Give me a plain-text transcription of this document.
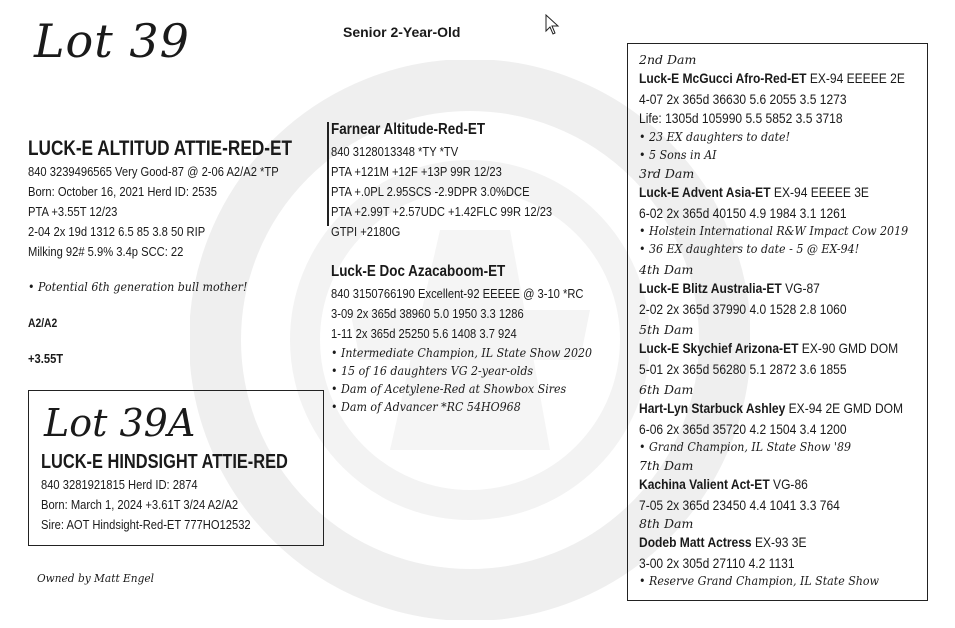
Lot 39	Senior 2-Year-Old
LUCK-E ALTITUD ATTIE-RED-ET
840 3239496565 Very Good-87 @ 2-06 A2/A2 *TP
Born: October 16, 2021 Herd ID: 2535
PTA +3.55T 12/23
2-04 2x 19d 1312 6.5 85 3.8 50 RIP
Milking 92# 5.9% 3.4p SCC: 22
• Potential 6th generation bull mother!
A2/A2
+3.55T
Lot 39A
LUCK-E HINDSIGHT ATTIE-RED
840 3281921815 Herd ID: 2874
Born: March 1, 2024 +3.61T 3/24 A2/A2
Sire: AOT Hindsight-Red-ET 777HO12532
Owned by Matt Engel
Farnear Altitude-Red-ET
840 3128013348 *TY *TV
PTA +121M +12F +13P 99R 12/23
PTA +.0PL 2.95SCS -2.9DPR 3.0%DCE
PTA +2.99T +2.57UDC +1.42FLC 99R 12/23
GTPI +2180G
Luck-E Doc Azacaboom-ET
840 3150766190 Excellent-92 EEEEE @ 3-10 *RC
3-09 2x 365d 38960 5.0 1950 3.3 1286
1-11 2x 365d 25250 5.6 1408 3.7 924
• Intermediate Champion, IL State Show 2020
• 15 of 16 daughters VG 2-year-olds
• Dam of Acetylene-Red at Showbox Sires
• Dam of Advancer *RC 54HO968
2nd Dam
Luck-E McGucci Afro-Red-ET EX-94 EEEEE 2E
4-07 2x 365d 36630 5.6 2055 3.5 1273
Life: 1305d 105990 5.5 5852 3.5 3718
• 23 EX daughters to date!
• 5 Sons in AI
3rd Dam
Luck-E Advent Asia-ET EX-94 EEEEE 3E
6-02 2x 365d 40150 4.9 1984 3.1 1261
• Holstein International R&W Impact Cow 2019
• 36 EX daughters to date - 5 @ EX-94!
4th Dam
Luck-E Blitz Australia-ET VG-87
2-02 2x 365d 37990 4.0 1528 2.8 1060
5th Dam
Luck-E Skychief Arizona-ET EX-90 GMD DOM
5-01 2x 365d 56280 5.1 2872 3.6 1855
6th Dam
Hart-Lyn Starbuck Ashley EX-94 2E GMD DOM
6-06 2x 365d 35720 4.2 1504 3.4 1200
• Grand Champion, IL State Show '89
7th Dam
Kachina Valient Act-ET VG-86
7-05 2x 365d 23450 4.4 1041 3.3 764
8th Dam
Dodeb Matt Actress EX-93 3E
3-00 2x 305d 27110 4.2 1131
• Reserve Grand Champion, IL State Show
